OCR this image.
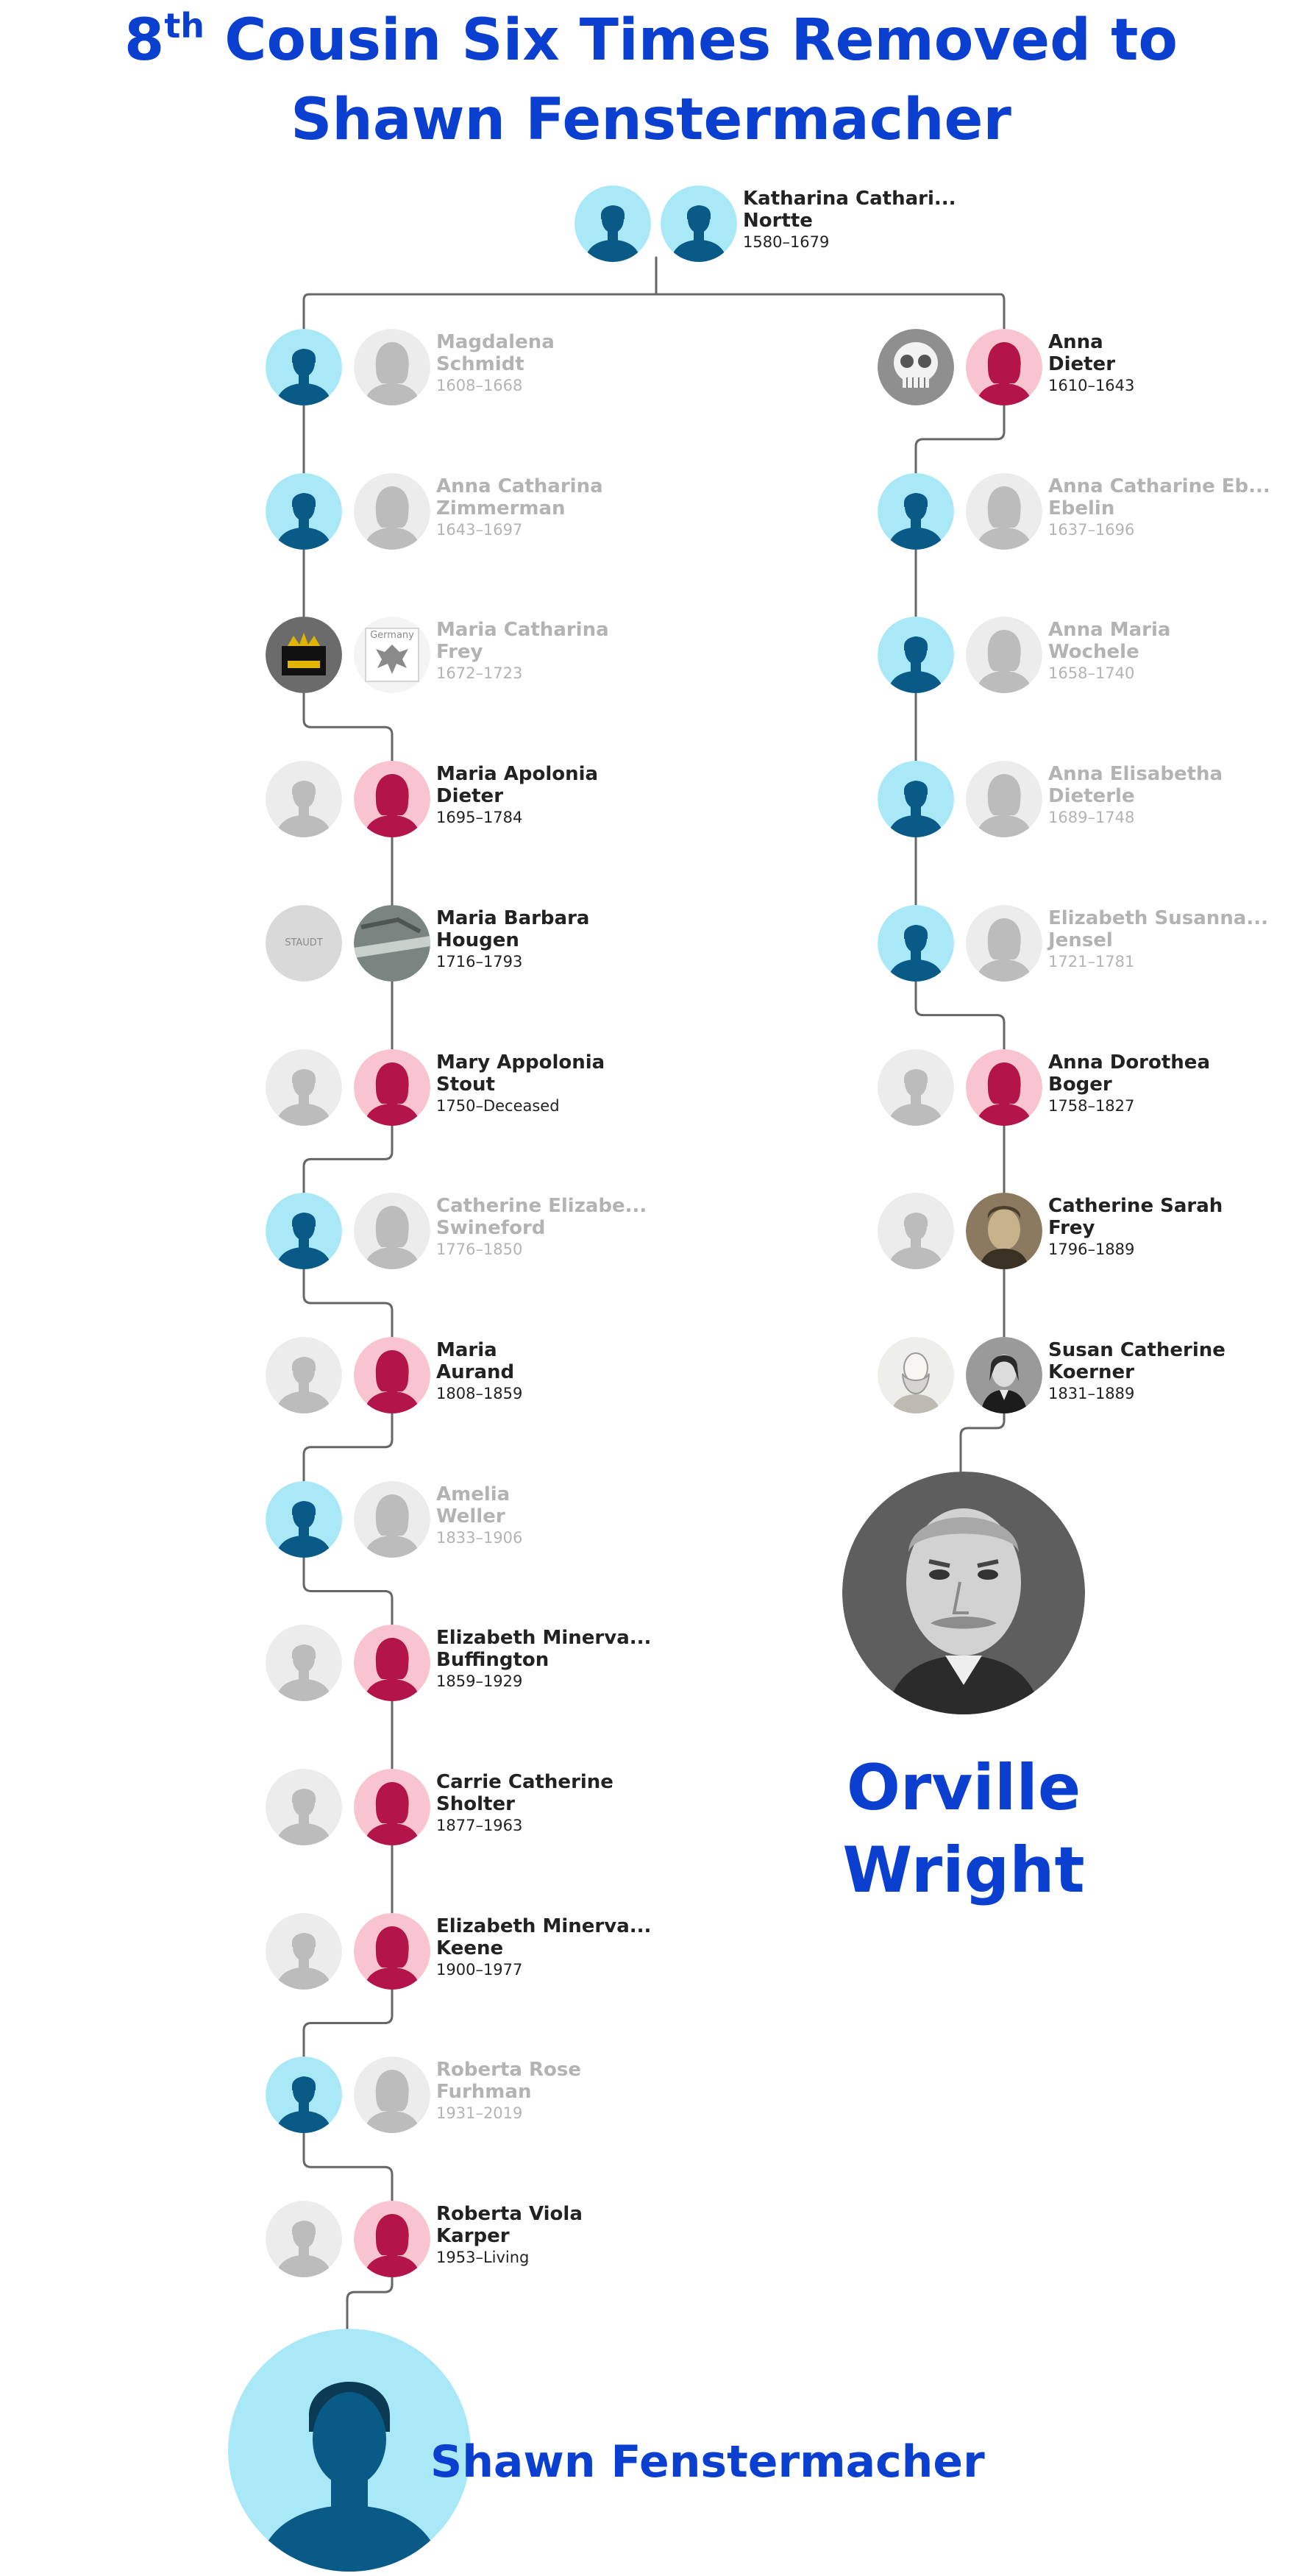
8th Cousin Six Times Removed to
Shawn Fenstermacher
Katharina Cathari...
Nortte
1580–1679
Magdalena
Schmidt
1608–1668
Anna Catharina
Zimmerman
1643–1697
Germany	Maria Catharina
Frey
1672–1723
Maria Apolonia
Dieter
1695–1784
STAUDT
Maria Barbara
Hougen
1716–1793
Mary Appolonia
Stout
1750–Deceased
Catherine Elizabe...
Swineford
1776–1850
Maria
Aurand
1808–1859
Amelia
Weller
1833–1906
Elizabeth Minerva...
Buffington
1859–1929
Carrie Catherine
Sholter
1877–1963
Elizabeth Minerva...
Keene
1900–1977
Roberta Rose
Furhman
1931–2019
Roberta Viola
Karper
1953–Living
Anna
Dieter
1610–1643
Anna Catharine Eb...
Ebelin
1637–1696
Anna Maria
Wochele
1658–1740
Anna Elisabetha
Dieterle
1689–1748
Elizabeth Susanna...
Jensel
1721–1781
Anna Dorothea
Boger
1758–1827
Catherine Sarah
Frey
1796–1889
Susan Catherine
Koerner
1831–1889
Orville
Wright
Shawn Fenstermacher
